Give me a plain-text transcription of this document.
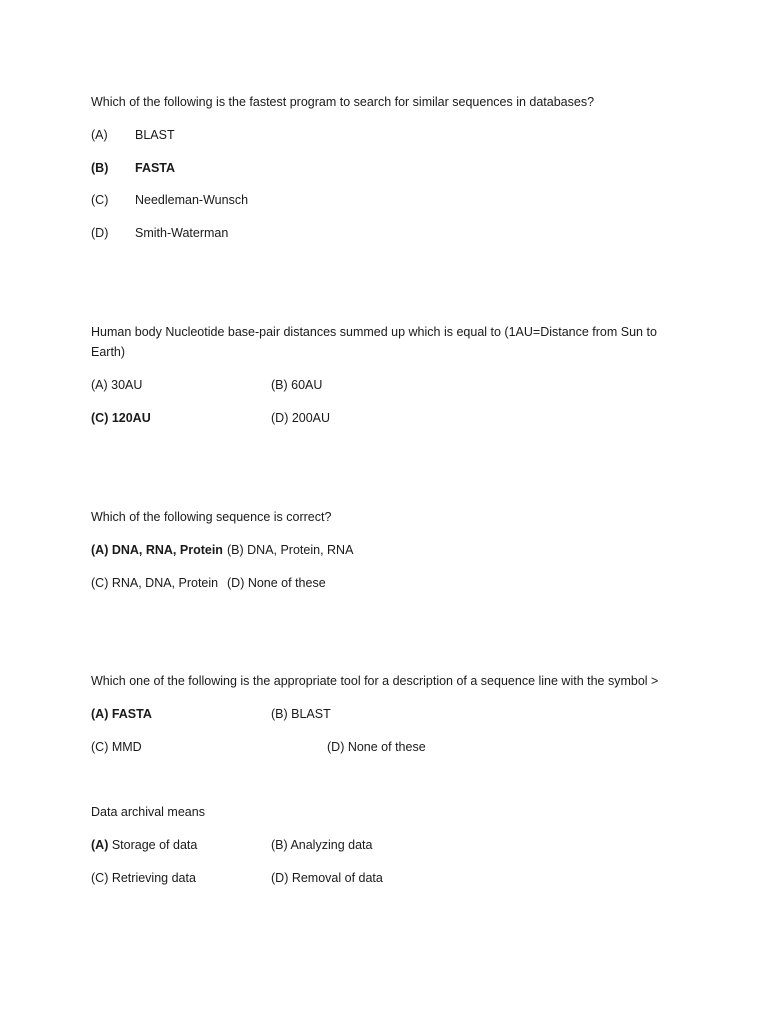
Which of the following is the fastest program to search for similar sequences in databases?
(A) BLAST
(B) FASTA
(C) Needleman-Wunsch
(D) Smith-Waterman
Human body Nucleotide base-pair distances summed up which is equal to (1AU=Distance from Sun to Earth)
(A) 30AU	(B) 60AU
(C) 120AU	(D) 200AU
Which of the following sequence is correct?
(A) DNA, RNA, Protein (B) DNA, Protein, RNA
(C) RNA, DNA, Protein (D) None of these
Which one of the following is the appropriate tool for a description of a sequence line with the symbol >
(A) FASTA	(B) BLAST
(C) MMD	(D) None of these
Data archival means
(A) Storage of data	(B) Analyzing data
(C) Retrieving data	(D) Removal of data
